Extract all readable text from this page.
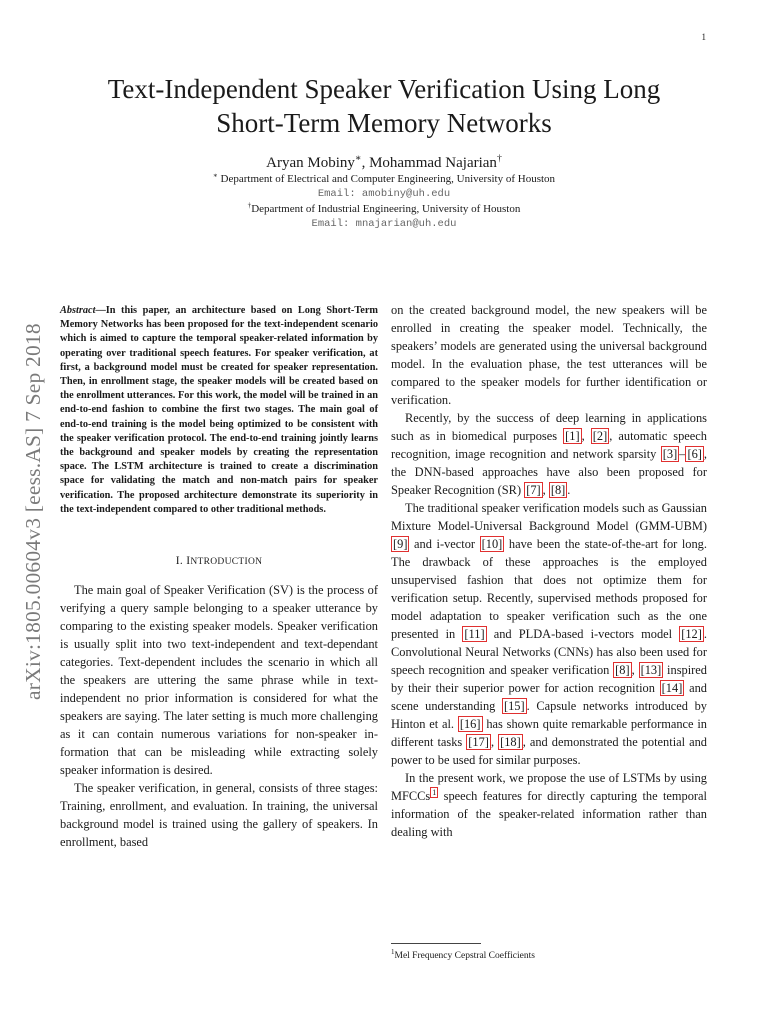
1
arXiv:1805.00604v3 [eess.AS] 7 Sep 2018
Text-Independent Speaker Verification Using Long
Short-Term Memory Networks
Aryan Mobiny∗, Mohammad Najarian†
∗ Department of Electrical and Computer Engineering, University of Houston
Email: amobiny@uh.edu
†Department of Industrial Engineering, University of Houston
Email: mnajarian@uh.edu

Abstract—In this paper, an architecture based on Long Short-Term Memory Networks has been proposed for the text-independent scenario which is aimed to capture the temporal speaker-related information by operating over traditional speech features. For speaker verification, at first, a background model must be created for speaker representation. Then, in enrollment stage, the speaker models will be created based on the enrollment utterances. For this work, the model will be trained in an end-to-end fashion to combine the first two stages. The main goal of end-to-end training is the model being optimized to be consistent with the speaker verification protocol. The end-to-end training jointly learns the background and speaker models by creating the representation space. The LSTM architecture is trained to create a discrimination space for validating the match and non-match pairs for speaker verification. The proposed architecture demonstrate its superiority in the text-independent compared to other traditional methods.

I. INTRODUCTION

The main goal of Speaker Verification (SV) is the process of verifying a query sample belonging to a speaker utterance by comparing to the existing speaker models. Speaker verification is usually split into two text-independent and text-dependant categories. Text-dependent includes the scenario in which all the speakers are uttering the same phrase while in text-independent no prior information is considered for what the speakers are saying. The later setting is much more challenging as it can contain numerous variations for non-speaker information that can be misleading while extracting solely speaker information is desired.

The speaker verification, in general, consists of three stages: Training, enrollment, and evaluation. In training, the universal background model is trained using the gallery of speakers. In enrollment, based

on the created background model, the new speakers will be enrolled in creating the speaker model. Technically, the speakers’ models are generated using the universal background model. In the evaluation phase, the test utterances will be compared to the speaker models for further identification or verification.

Recently, by the success of deep learning in applications such as in biomedical purposes [1] , [2] , automatic speech recognition, image recognition and network sparsity [3] – [6] , the DNN-based approaches have also been proposed for Speaker Recognition (SR) [7] , [8] .

The traditional speaker verification models such as Gaussian Mixture Model-Universal Background Model (GMM-UBM) [9] and i-vector [10] have been the state-of-the-art for long. The drawback of these approaches is the employed unsupervised fashion that does not optimize them for verification setup. Recently, supervised methods proposed for model adaptation to speaker verification such as the one presented in [11] and PLDA-based i-vectors model [12] . Convolutional Neural Networks (CNNs) has also been used for speech recognition and speaker verification [8] , [13] inspired by their their superior power for action recognition [14] and scene understanding [15] . Capsule networks introduced by Hinton et al. [16] has shown quite remarkable performance in different tasks [17] , [18] , and demonstrated the potential and power to be used for similar purposes.

In the present work, we propose the use of LSTMs by using MFCCs $^1$ speech features for directly capturing the temporal information of the speaker-related information rather than dealing with

$^1$Mel Frequency Cepstral Coefficients
